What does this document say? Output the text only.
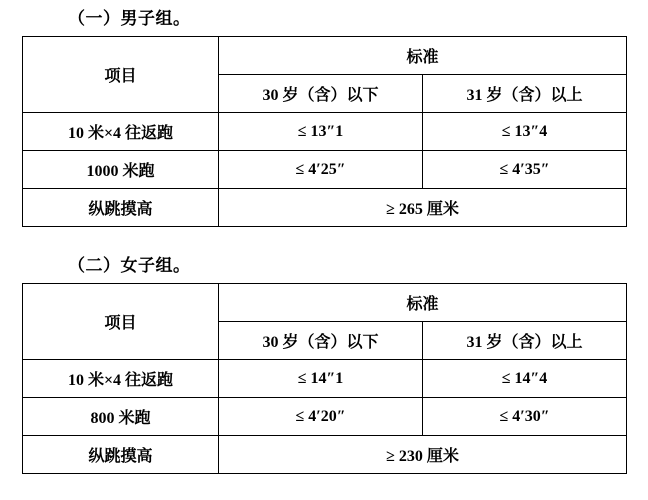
（一）男子组。
项目	标准	
	30 岁（含）以下	31 岁（含）以上
10 米×4 往返跑	≤ 13″1	≤ 13″4
1000 米跑	≤ 4′25″	≤ 4′35″
纵跳摸高	≥ 265 厘米	
（二）女子组。
项目	标准	
	30 岁（含）以下	31 岁（含）以上
10 米×4 往返跑	≤ 14″1	≤ 14″4
800 米跑	≤ 4′20″	≤ 4′30″
纵跳摸高	≥ 230 厘米	
